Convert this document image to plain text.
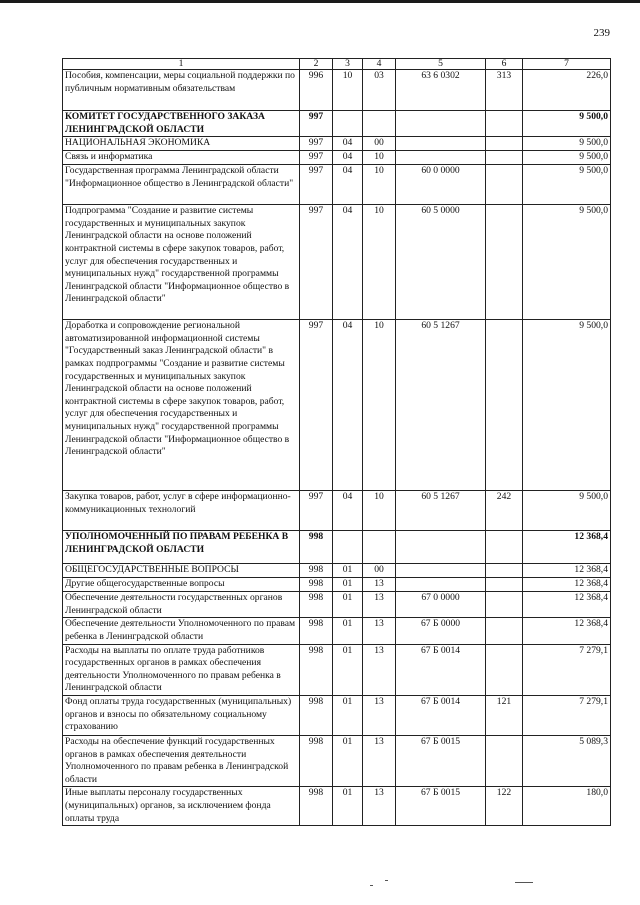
239
1	2	3	4	5	6	7
Пособия, компенсации, меры социальной поддержки по публичным нормативным обязательствам	996	10	03	63 6 0302	313	226,0
КОМИТЕТ ГОСУДАРСТВЕННОГО ЗАКАЗА ЛЕНИНГРАДСКОЙ ОБЛАСТИ	997					9 500,0
НАЦИОНАЛЬНАЯ ЭКОНОМИКА	997	04	00			9 500,0
Связь и информатика	997	04	10			9 500,0
Государственная программа Ленинградской области "Информационное общество в Ленинградской области"	997	04	10	60 0 0000		9 500,0
Подпрограмма "Создание и развитие системы государственных и муниципальных закупок Ленинградской области на основе положений контрактной системы в сфере закупок товаров, работ, услуг для обеспечения государственных и муниципальных нужд" государственной программы Ленинградской области "Информационное общество в Ленинградской области"	997	04	10	60 5 0000		9 500,0
Доработка и сопровождение региональной автоматизированной информационной системы "Государственный заказ Ленинградской области" в рамках подпрограммы "Создание и развитие системы государственных и муниципальных закупок Ленинградской области на основе положений контрактной системы в сфере закупок товаров, работ, услуг для обеспечения государственных и муниципальных нужд" государственной программы Ленинградской области "Информационное общество в Ленинградской области"	997	04	10	60 5 1267		9 500,0
Закупка товаров, работ, услуг в сфере информационно-коммуникационных технологий	997	04	10	60 5 1267	242	9 500,0
УПОЛНОМОЧЕННЫЙ ПО ПРАВАМ РЕБЕНКА В ЛЕНИНГРАДСКОЙ ОБЛАСТИ	998					12 368,4
ОБЩЕГОСУДАРСТВЕННЫЕ ВОПРОСЫ	998	01	00			12 368,4
Другие общегосударственные вопросы	998	01	13			12 368,4
Обеспечение деятельности государственных органов Ленинградской области	998	01	13	67 0 0000		12 368,4
Обеспечение деятельности Уполномоченного по правам ребенка в Ленинградской области	998	01	13	67 Б 0000		12 368,4
Расходы на выплаты по оплате труда работников государственных органов в рамках обеспечения деятельности Уполномоченного по правам ребенка в Ленинградской области	998	01	13	67 Б 0014		7 279,1
Фонд оплаты труда государственных (муниципальных) органов и взносы по обязательному социальному страхованию	998	01	13	67 Б 0014	121	7 279,1
Расходы на обеспечение функций государственных органов в рамках обеспечения деятельности Уполномоченного по правам ребенка в Ленинградской области	998	01	13	67 Б 0015		5 089,3
Иные выплаты персоналу государственных (муниципальных) органов, за исключением фонда оплаты труда	998	01	13	67 Б 0015	122	180,0
